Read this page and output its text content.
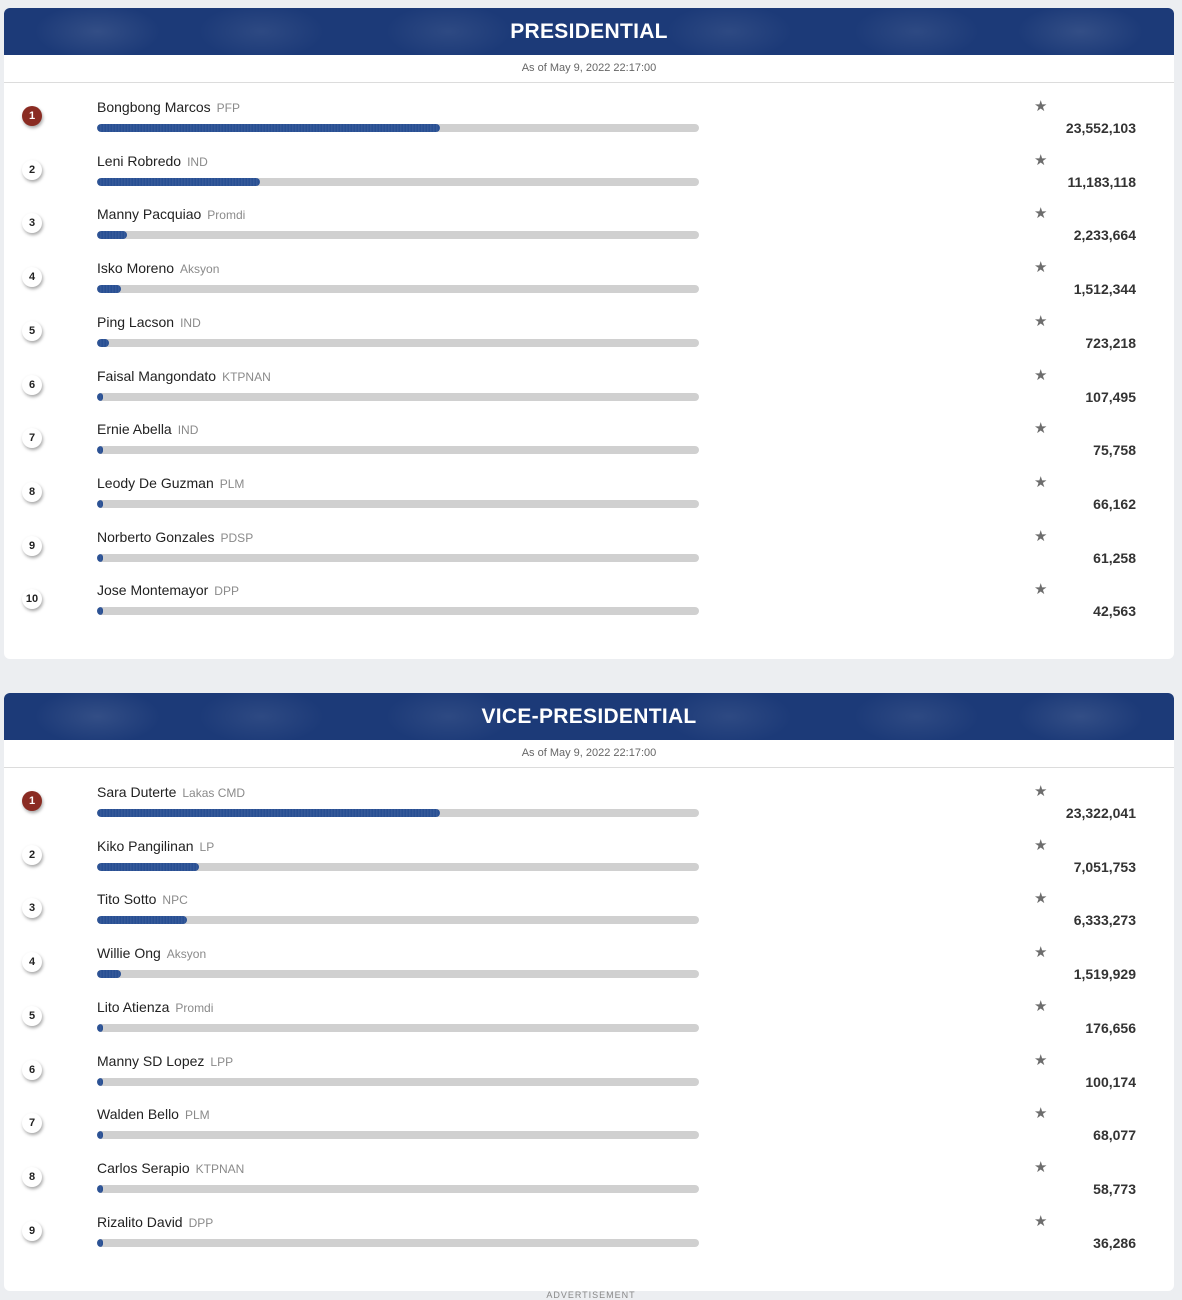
PRESIDENTIAL
As of May 9, 2022 22:17:00
1
Bongbong Marcos PFP	★
23,552,103
2
Leni Robredo IND	★
11,183,118
3
Manny Pacquiao Promdi	★
2,233,664
4
Isko Moreno Aksyon	★
1,512,344
5
Ping Lacson IND	★
723,218
6
Faisal Mangondato KTPNAN	★
107,495
7
Ernie Abella IND	★
75,758
8
Leody De Guzman PLM	★
66,162
9
Norberto Gonzales PDSP	★
61,258
10
Jose Montemayor DPP	★
42,563
VICE-PRESIDENTIAL
As of May 9, 2022 22:17:00
1
Sara Duterte Lakas CMD	★
23,322,041
2
Kiko Pangilinan LP	★
7,051,753
3
Tito Sotto NPC	★
6,333,273
4
Willie Ong Aksyon	★
1,519,929
5
Lito Atienza Promdi	★
176,656
6
Manny SD Lopez LPP	★
100,174
7
Walden Bello PLM	★
68,077
8
Carlos Serapio KTPNAN	★
58,773
9
Rizalito David DPP	★
36,286
ADVERTISEMENT
